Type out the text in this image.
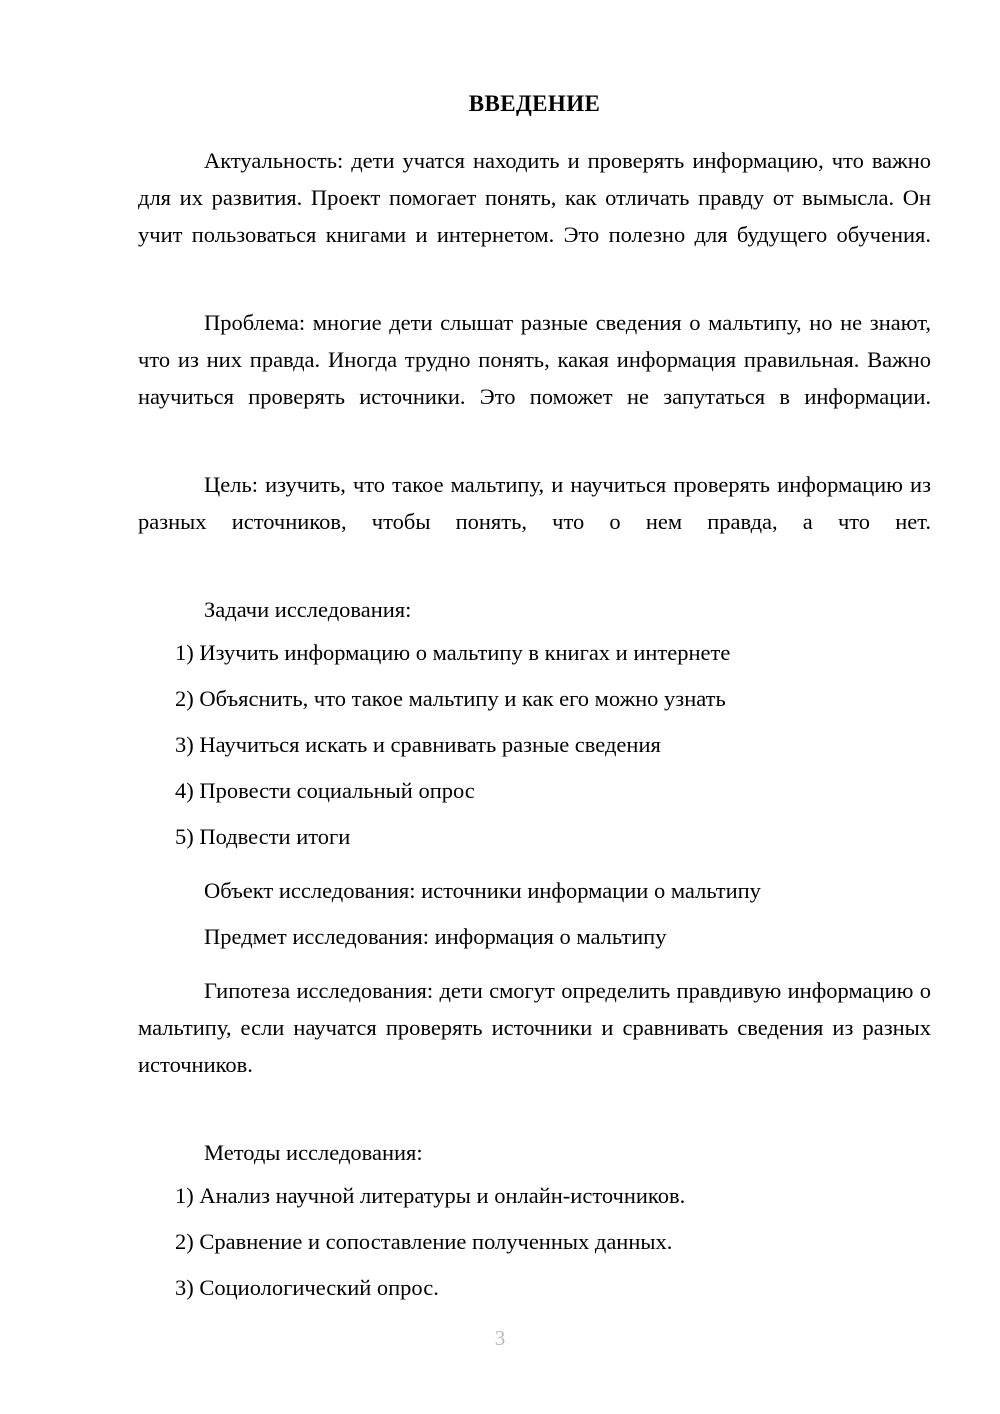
ВВЕДЕНИЕ

Актуальность: дети учатся находить и проверять информацию, что важно для их развития. Проект помогает понять, как отличать правду от вымысла. Он учит пользоваться книгами и интернетом. Это полезно для будущего обучения.

Проблема: многие дети слышат разные сведения о мальтипу, но не знают, что из них правда. Иногда трудно понять, какая информация правильная. Важно научиться проверять источники. Это поможет не запутаться в информации.

Цель: изучить, что такое мальтипу, и научиться проверять информацию из разных источников, чтобы понять, что о нем правда, а что нет.

Задачи исследования:

1) Изучить информацию о мальтипу в книгах и интернете
2) Объяснить, что такое мальтипу и как его можно узнать
3) Научиться искать и сравнивать разные сведения
4) Провести социальный опрос
5) Подвести итоги

Объект исследования: источники информации о мальтипу

Предмет исследования: информация о мальтипу

Гипотеза исследования: дети смогут определить правдивую информацию о мальтипу, если научатся проверять источники и сравнивать сведения из разных источников.

Методы исследования:

1) Анализ научной литературы и онлайн-источников.
2) Сравнение и сопоставление полученных данных.
3) Социологический опрос.
3
